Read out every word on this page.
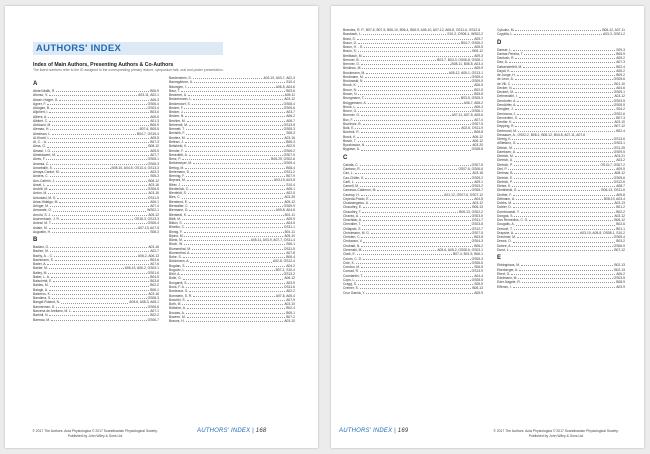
AUTHORS' INDEX
Index of Main Authors, Presenting Authors & Co-Authors
The listed numbers refer to the ID assigned to the corresponding primary lecture, symposium talk, oral and poster presentation.
A
Abdel Malik, R.	B06-9
Afonso, V.	A03-11, A02-1
Ahsen-Holger, G.	A06-3
Agner, F.	OS06-4
Aldogan, B.	OS03-4
Alijchert, I.	B03-6
Albers, A.	A06-6
Albiker, C.	A01-3
Aldhousi, M.	B06-9
Alemao, H.	B07-6, B05-5
Almeisan, L.	B04-7, OS19-4
Al-Kharti, I.	A05-5
Al, C. - A.	B07-3
Alma, G.	B08-12
Almasi, I. G.	A05-5
Almeidavert, M.	A07-7
Alves, F.	OS05-1
Anansa, C.	OS06-3
Amarbalih, S.	B08-10, A04-5, OS13-4, OS13-3
Amaya-Cantor, M.	A03-3
Anders, C.	S06-3
Ann-Cathrin, J.	B08-12
Ansel, L.	A03-16
Andritt, M.	OS06-5
Anton, M.	A03-16
Antoniasi, M. S.	OS11-5
Arias-Hidalgo, M.	A06-1
Aringer, M.	A07-4
Armarate, G.	WS02-1
Arnold, S. J.	A05-12
Aschenbach, J. R.	OS18-3, OS13-3
Ashraf, M. T.	OS06-4
Aslam, M.	A07-13, A07-5
Augustin, H.	S08-3
B
Baciasi, G.	A03-16
Bacher, M.	A02-7
Bachy, A. - C.	A06-2, A06-13
Bachmann, S.	B03-6
Bader, A.	A07-6
Bahler, M.	A06-13, A06-2, OS03-1
Bailey, M.	OS01-6
Baker, L. A.	B04-5
Balschmit, E.	B03-6
Baldes, M.	B02-2
Balogh, A.	B06-1
Balzerus, K.	A03-16
Bandiera, S.	OS08-3
Bangel-Ruland, N.	A09-6, A08-3, A08-1
Bannerman, D.	OS06-6
Barcena de Arellano, M. L.	A07-1
Barhidi, N.	B02-2
Barmau, M.	OS06-7
Bardenstein, S.	A03-10, A03-7, A02-3
Baumgärtner, U.	S10-4
Bäumgen, I.	A06-5, A04-6
Baur, T.	B03-6
Beckerer, U.	A05-11
Beckermann, L.	A03-12
Beckendorf, S.	OS08-4
Becker, F.	OS05-6
Becker, J.	A03-7
Becker, N.	A06-2
Bechler, M.	A06-7
Behrendt, M.	OS13-5
Bennett, T.	OS05-3
Benishk, F.	S08-3
Benitez, M.	A03-16
Beltran, J.	B06-3
Beilsheid, K.	A02-5
Bender, F.	OS06-2
Benedetti, A.	OS07-5
Benz, P.	B06-25, OS02-6
Berkemeyer, M.	OS09-4
Bertog, M.	B08-4
Berlemann, D.	OS11-2
Berning, F.	B07-9
Beyrani, M.	A03-19, A03-8
Biber, J.	S10-4
Biedenlick, C.	A06-1
Bienfeldt, S.	A02-5
Bies, C.	A03-25
Bierstend, E.	A05-12
Bierwalter, C.	OS09-9
Biermann, D.	A09-8, A04-6
Bierstedt, K.	B01-11
Bildt, M.	A09-9
Bilkov, S.	A04-5
Binelko, C.	OS11-1
Binnig, F.	B01-11
Bipins, M.	A05-10
Blank, M.	A05-11, A03-9, A07-7, OS11-4
Bloch, W.	S06-1
Blumenthal, M.	OS11-5
Blumenthal, A.	A07-8
Bobe, S.	B06-4
Böckmann, A.	A02-8, OS12-4
Bogdan, S.	A04-2
Bogovic, L.	B07-2, S10-4
Böhl, A.	OS13-2
Bolle, G.	A06-12
Bongardt, S.	A03-9
Boos, F. A.	OS11-6
Bordeaux, S.	A02-2
Bornstein, S. R.	A07-6, A05-4
Boschki, S.	A07-9
Both, M.	A03-10
Böttcher, A.	B02-4
Bouass, A.	B05-1
Bowren, M.	B07-2
Brauns, H.	A03-10
© 2017 The Authors. Acta Physiologica © 2017 Scandinavian Physiological Society.
Published by John Wiley & Sons Ltd
AUTHORS' INDEX | 168
Brandes, R. P., B07-6, B07-5, B06-10, B06-4, B06-9, A05-10, A07-12, A06-8, OS11-6, OS12-6
Braubach, L.	S10-2, OS06-1, WS02-2
Brast, S.	A05-7
Braun, D.	B04-7, OS06-2
Braun, H. - S.	A05-5
Braun, S.	B06-12
Breitbach, M.	A09-3
Brenner, B.	B03-7, B03-3, OS06-8, OS08-1
Brenner, G.	B08-11, B08-5, A03-4
Brinkhus, M.	A05-9
Brockmann, M.	A05-12, A05-1, OS13-1
Brodmann, M.	OS09-4
Brodowski, N.	OS09-5
Brook, K.	A06-5
Broun, N.	B02-5
Brown, N.	B05-8
Brungmann, T.	B03-5, OS05-3
Brüggemann, A.	A06-7, A08-2
Brook, L.	A06-4
Bruen, G.	OS06-1
Brunner, G.	A07-11, A07-5, A05-6
Bux, F.	A07-4
Buchholz, B.	OS07-5
Bulk, E.	A02-6, OS11-9
Buntrok, R.	B08-8
Burck, K.	A06-12
Busch, T.	A06-12
Byczkowicz, N.	A03-20
Bygrave, A.	OS08-6
C
Calotta, C.	OS07-5
Caetano, R.	OS07-6, OS06-6
Cao, L.	A03-18
Cao-Chiller, K.	OS05-2
Carfi, L.	A09-1
Carnell, M.	OS03-2
Carrasco-Calderon, M.	OS06-7
Castrop, H.	A01-12, OS07-6, OS07-12
Cepeda-Prado, E.	A04-5
Chatziangelou, A.	A03-12
Chaudhry, E.	B06-13
Chaudhry, T.	B06-13, OS02-2
Chavez, A.	OS03-5
Chavhdar, A.	OS11-7
Chevalier, T.	OS03-8
Chilapski, S.	OS12-7
Christmann, M. G.	OS07-5
Christen, C.	B03-8
Chubanov, V.	OS04-3
Chukadi, N.	B06-2
Cierenski, M.	A05-6, A05-2, OS08-6, OS03-1
Clark, E.	B07-4, B01-9, B06-1
Colom, C. D.	OS05-3
Cole, K.	OS06-6
Condon, M.	S06-5
Conrad, R.	OS13-9
Constantin, T.	A04-4
Cops, L.	OS08-5
Cragg, S.	S05-5
Cremer, S.	B06-13
Cruz Garcia, Y.	A05-9
Cybulez, M.	B06-12, A07-11
Czypilla, L.	A03-3, OS01-2
D
Daeser, L.	S09-3
Dantas Pereira, T.	B05-9
Dantosh, R.	A09-2
Dao, A.	A07-3
Datsenderfelt, M.	B02-4
Dayal, K.	A05-2
de Jonge, H.	B09-2
de Leon, A.	OS05-6
de Vill, C.	B01-10
Decker, N.	A04-6
Deckert, M.	OS05-1
Defenedahl, I.	A03-12
Dendorfer, A.	OS03-5
Dendörfer, A.	OS05-5
Denglee, J.	S04-2
Denimova, J.	OS02-6
Dennerlein, S.	B07-3
Dentler, K.	A03-10
Depping, R.	B07-12
Dertmund, M.	B02-4
Dessauer, A., OS02-2, B08-1, B06-12, B04-8, A07-11, A07-6
Dietrig, K.	OS13-6
diStefano, G.	OS03-1
Dittrich, M.	OS1-25
Daerksen, A.	OS09-5
Dietrich, M.	A03-21
Dietrich, A.	A03-2
Dietrich, P.	OS13-7, OS07-2
Diel, P.	A09-5
Dietmar, B.	A08-12
Dietrich, E.	OS09-6
Dietrich, P.	OS12-6
Dietze, K.	A08-7
Dimitrieski, S.	B06-13, OS11-6
Dinther, F.	A09-8
Dittmann, A.	B08-10, A03-4
Dobbs, M.	A03-13
Dobler, D.	B01-2
Dombrowski, Y.	B02-2
Dongas, S.	A03-12
Dos Remedios, C. G.	B06-12
Dougalis, A.	B02-6
Drescel, T.	B01-1
Drayshe, A.	A03-10, A05-8, OS08-1, S10-2
Dreshner, M.	OS05-4
Drews, O.	B03-2
Dubee, A.	OS06-5
Durst, L.	B07-12
E
Ebbinghaus, M.	B02-13
Eberberger, A.	B02-13
Ebert, G.	A06-2
Edelmann, M.	OS03-5
Eder-Nagele, R.	B08-9
Effenec, I.	A03-9
AUTHORS' INDEX | 169	© 2017 The Authors. Acta Physiologica © 2017 Scandinavian Physiological Society.
Published by John Wiley & Sons Ltd
